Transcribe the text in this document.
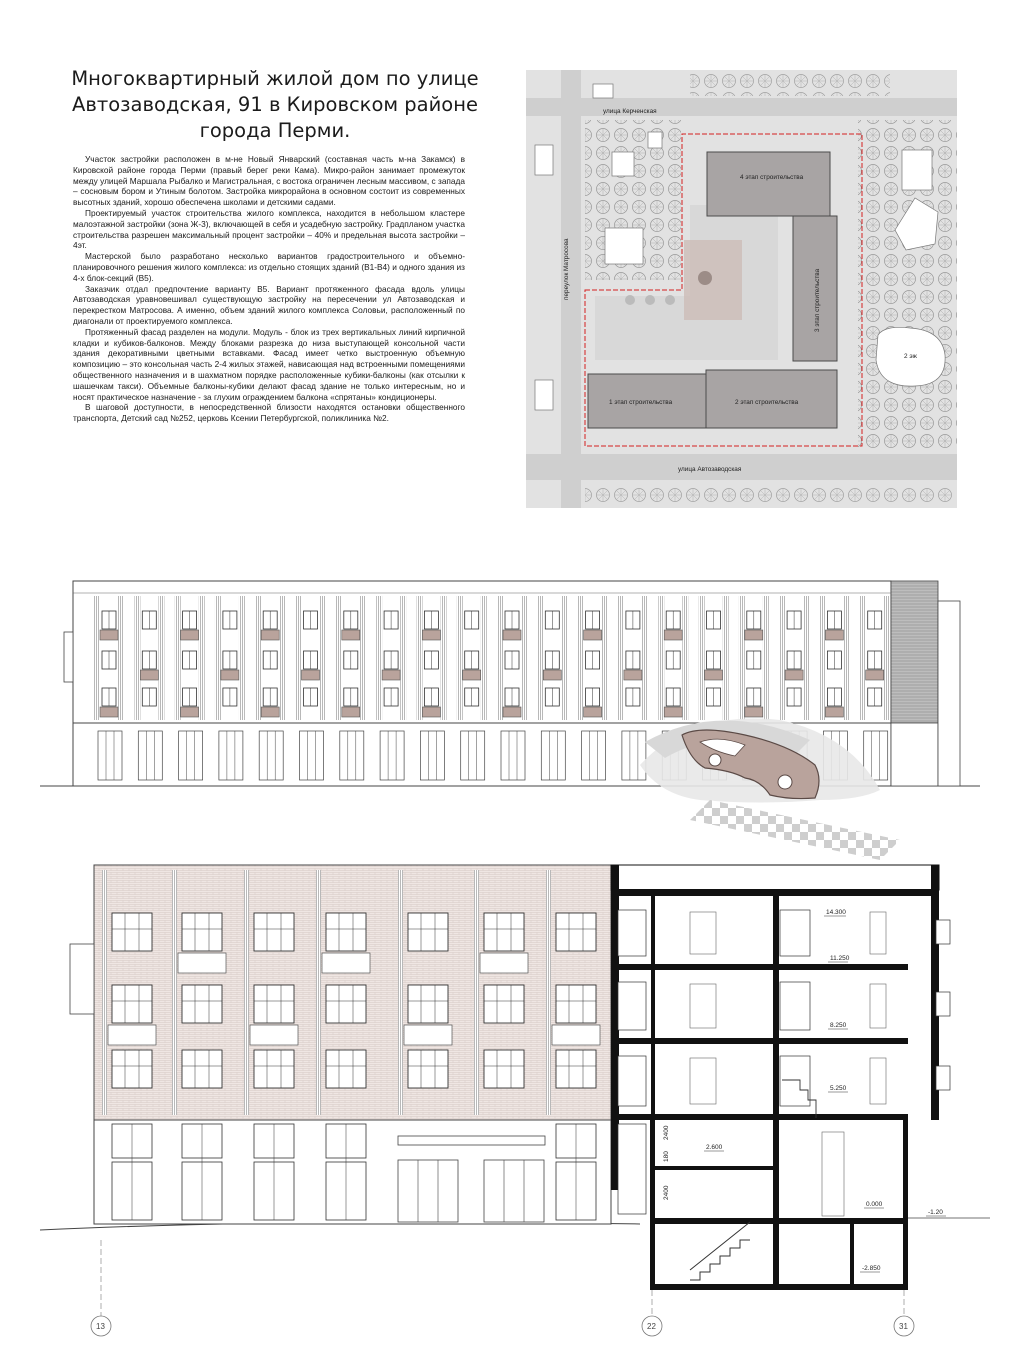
Многоквартирный жилой дом по улице
Автозаводская, 91 в Кировском районе
города Перми.

Участок застройки расположен в м-не Новый Январский (составная часть м-на Закамск) в Кировской районе города Перми (правый берег реки Кама). Микро-район занимает промежуток между улицей Маршала Рыбалко и Магистральная, с востока ограничен лесным массивом, с запада – сосновым бором и Утиным болотом. Застройка микрорайона в основном состоит из современных высотных зданий, хорошо обеспечена школами и детскими садами.

Проектируемый участок строительства жилого комплекса, находится в небольшом кластере малоэтажной застройки (зона Ж-3), включающей в себя и усадебную застройку. Градпланом участка строительства разрешен максимальный процент застройки – 40% и предельная высота застройки – 4эт.

Мастерской было разработано несколько вариантов градостроительного и объемно-планировочного решения жилого комплекса: из отдельно стоящих зданий (В1-В4) и одного здания из 4-х блок-секций (В5).

Заказчик отдал предпочтение варианту В5. Вариант протяженного фасада вдоль улицы Автозаводская уравновешивал существующую застройку на пересечении ул Автозаводская и перекрестком Матросова. А именно, объем зданий жилого комплекса Соловьи, расположенный по диагонали от проектируемого комплекса.

Протяженный фасад разделен на модули. Модуль - блок из трех вертикальных линий кирпичной кладки и кубиков-балконов. Между блоками разрезка до низа выступающей консольной части здания декоративными цветными вставками. Фасад имеет четко выстроенную объемную композицию – это консольная часть 2-4 жилых этажей, нависающая над встроенными помещениями общественного назначения и в шахматном порядке расположенные кубики-балконы (как отсылки к шашечкам такси). Объемные балконы-кубики делают фасад здание не только интересным, но и носят практическое назначение - за глухим ограждением балкона «спрятаны» кондиционеры.

В шаговой доступности, в непосредственной близости находятся остановки общественного транспорта, Детский сад №252, церковь Ксении Петербургской, поликлиника №2.

2 эж
4 этап строительства
3 этап строительства
1 этап строительства	2 этап строительства
улица Керченская
переулок Матросова
улица Автозаводская
14.300
11.250
8.250
5.250
2.600
0.000
-2.850
-1.20
2400
180
2400
13	22	31
